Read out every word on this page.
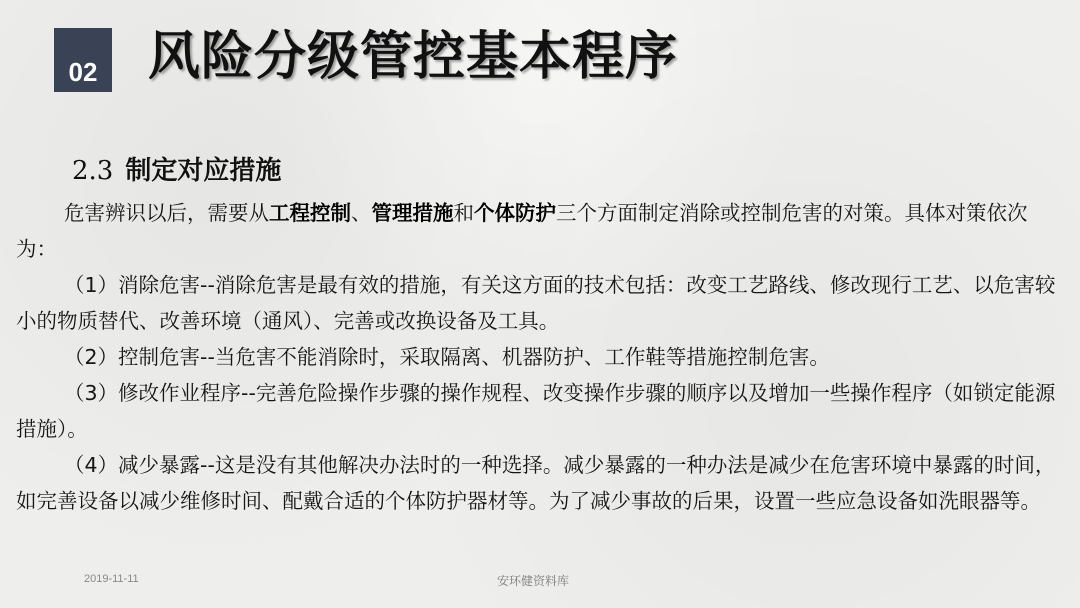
02 风险分级管控基本程序
2.3 制定对应措施

危害辨识以后，需要从工程控制、管理措施和个体防护三个方面制定消除或控制危害的对策。具体对策依次为：

（1）消除危害--消除危害是最有效的措施，有关这方面的技术包括：改变工艺路线、修改现行工艺、以危害较小的物质替代、改善环境（通风）、完善或改换设备及工具。

（2）控制危害--当危害不能消除时，采取隔离、机器防护、工作鞋等措施控制危害。

（3）修改作业程序--完善危险操作步骤的操作规程、改变操作步骤的顺序以及增加一些操作程序（如锁定能源措施）。

（4）减少暴露--这是没有其他解决办法时的一种选择。减少暴露的一种办法是减少在危害环境中暴露的时间，如完善设备以减少维修时间、配戴合适的个体防护器材等。为了减少事故的后果，设置一些应急设备如洗眼器等。

2019-11-11	安环健资料库
